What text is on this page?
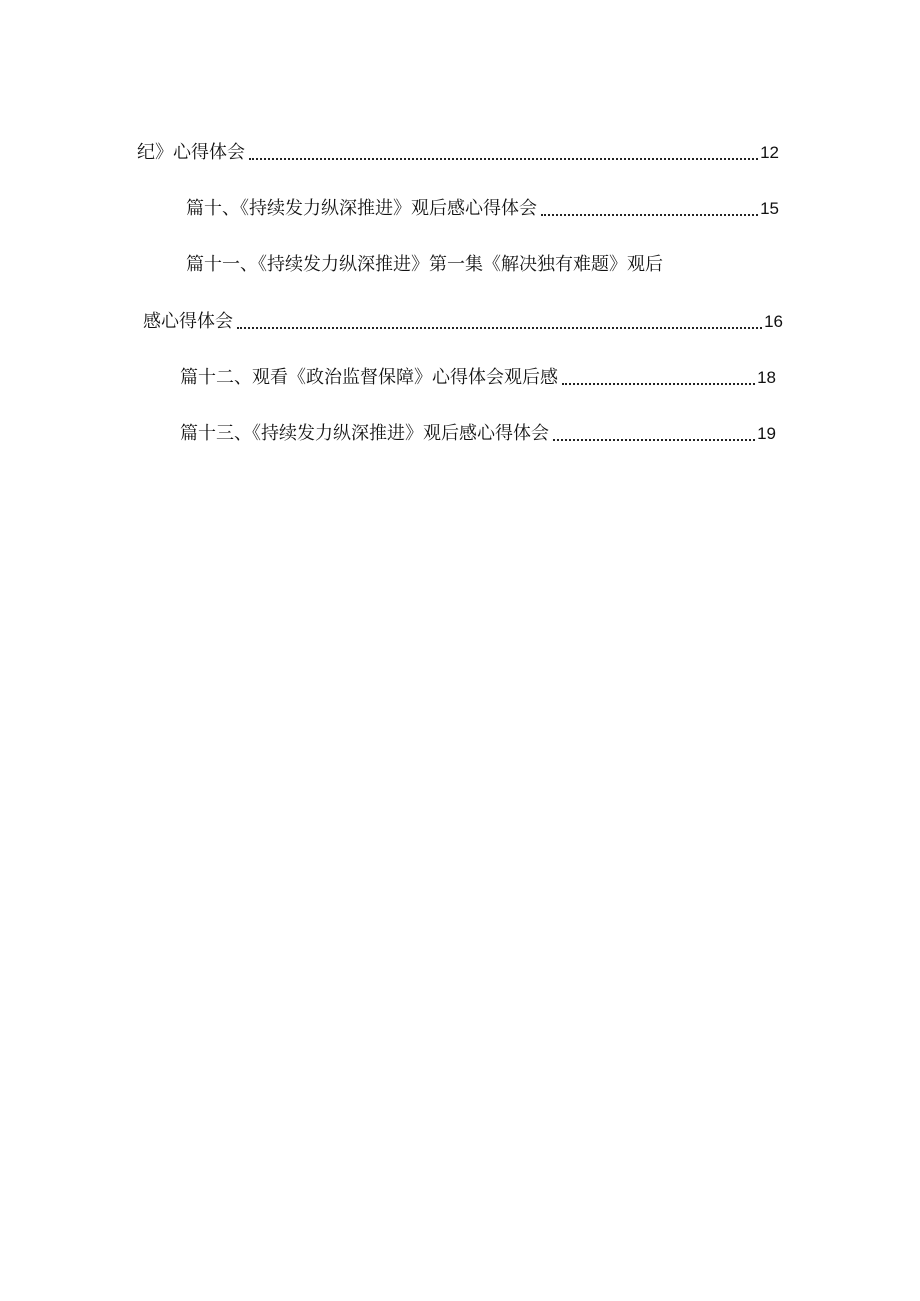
纪》心得体会	12
篇十、《持续发力纵深推进》观后感心得体会	15
篇十一、《持续发力纵深推进》第一集《解决独有难题》观后
感心得体会	16
篇十二、观看《政治监督保障》心得体会观后感	18
篇十三、《持续发力纵深推进》观后感心得体会	19
